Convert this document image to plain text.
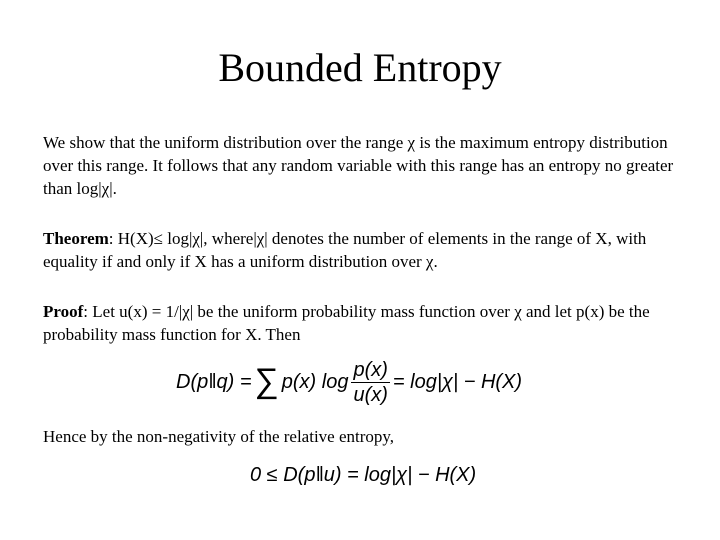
Bounded Entropy

We show that the uniform distribution over the range χ is the maximum entropy distribution over this range. It follows that any random variable with this range has an entropy no greater than log|χ|.

Theorem: H(X)≤ log|χ|, where|χ| denotes the number of elements in the range of X, with equality if and only if X has a uniform distribution over χ.

Proof: Let u(x) = 1/|χ| be the uniform probability mass function over χ and let p(x) be the probability mass function for X. Then

D(p‖q) = ∑ p(x) $\log \frac{p(x)}{u(x)} = \log|\chi| - H(X)$

Hence by the non-negativity of the relative entropy,

0 ≤ D(p‖u) = log|χ| − H(X)
